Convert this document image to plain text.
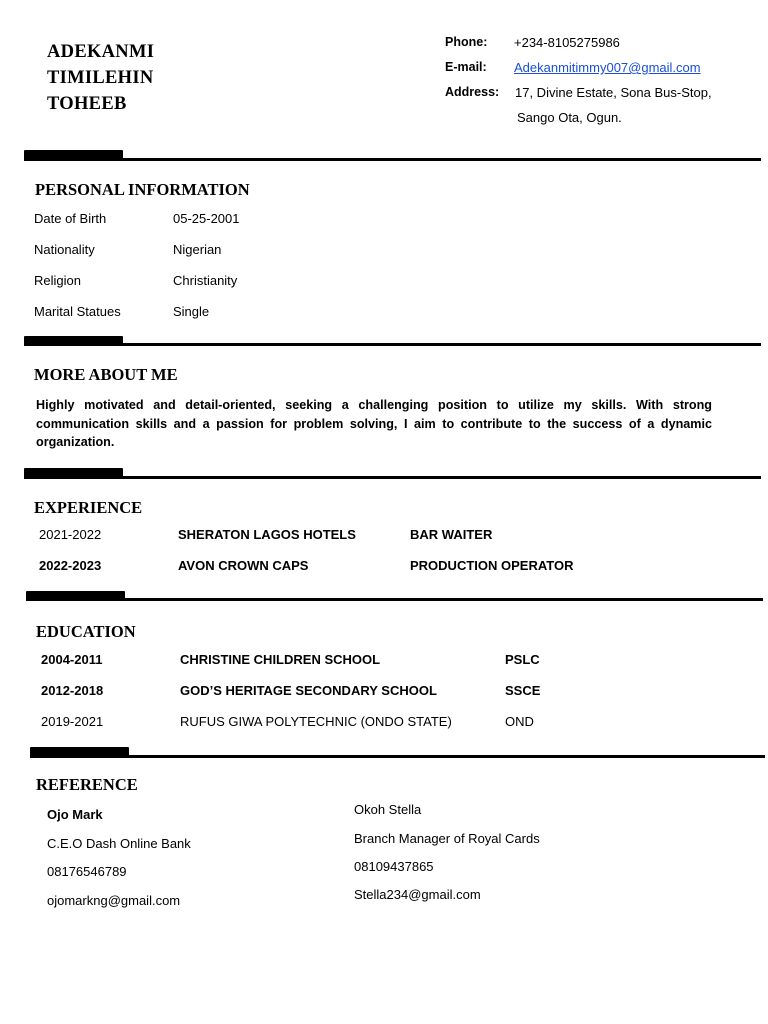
ADEKANMI
TIMILEHIN
TOHEEB
Phone: +234-8105275986
E-mail: Adekanmitimmy007@gmail.com
Address: 17, Divine Estate, Sona Bus-Stop,
Sango Ota, Ogun.
PERSONAL INFORMATION
Date of Birth	05-25-2001
Nationality	Nigerian
Religion	Christianity
Marital Statues	Single
MORE ABOUT ME
Highly motivated and detail-oriented, seeking a challenging position to utilize my skills. With strong communication skills and a passion for problem solving, I aim to contribute to the success of a dynamic organization.
EXPERIENCE
2021-2022	SHERATON LAGOS HOTELS	BAR WAITER
2022-2023	AVON CROWN CAPS	PRODUCTION OPERATOR
EDUCATION
2004-2011	CHRISTINE CHILDREN SCHOOL	PSLC
2012-2018	GOD’S HERITAGE SECONDARY SCHOOL	SSCE
2019-2021	RUFUS GIWA POLYTECHNIC (ONDO STATE)	OND
REFERENCE
Ojo Mark
C.E.O Dash Online Bank
08176546789
ojomarkng@gmail.com
Okoh Stella
Branch Manager of Royal Cards
08109437865
Stella234@gmail.com
